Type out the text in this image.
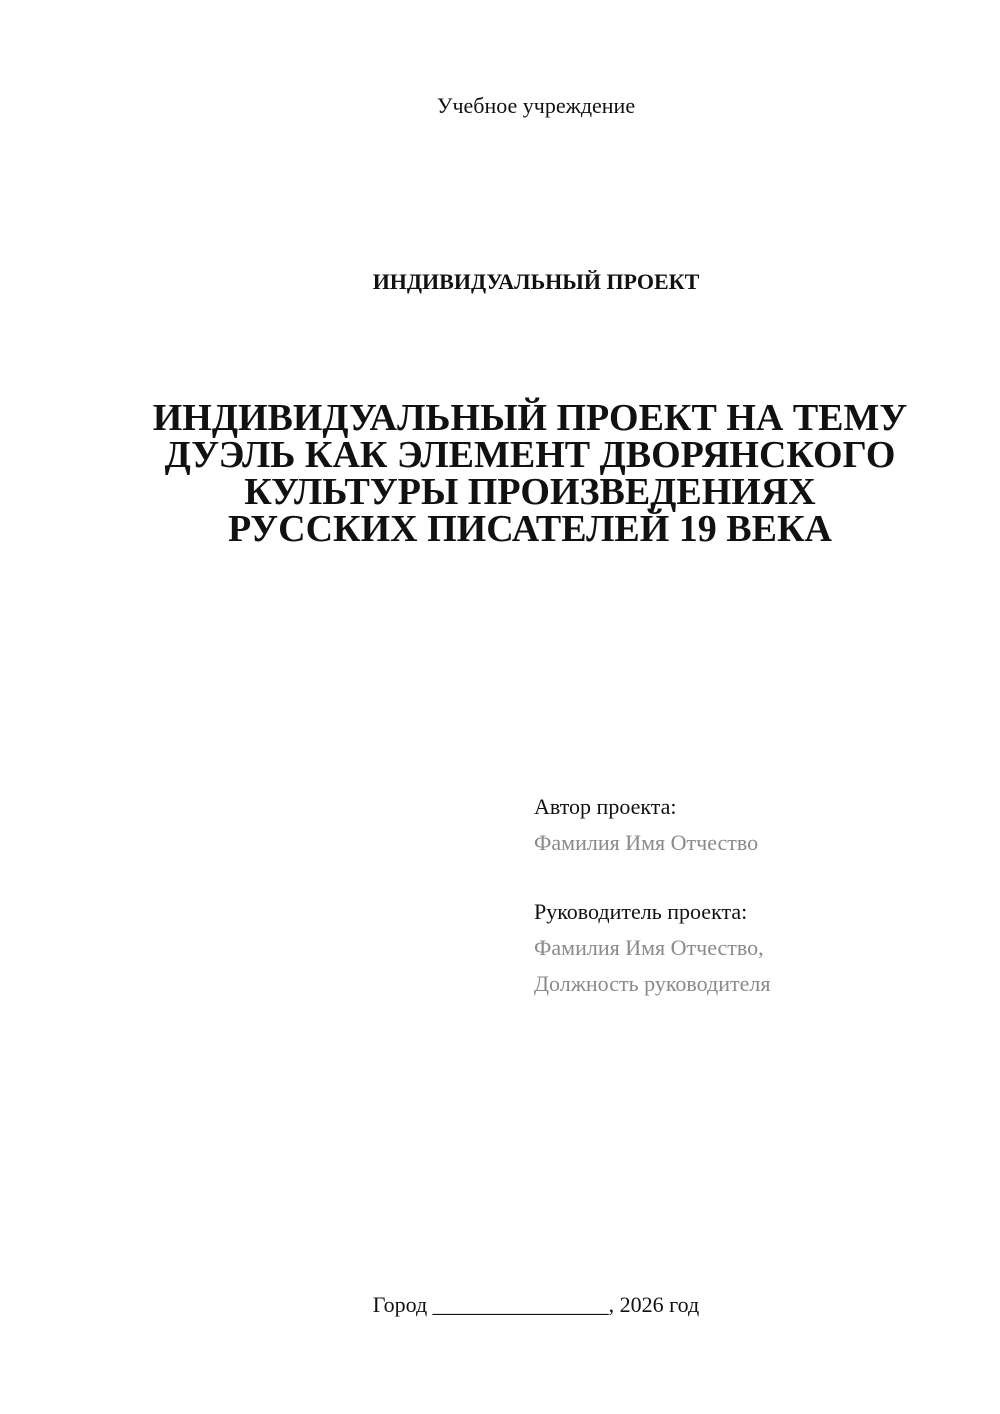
Учебное учреждение
ИНДИВИДУАЛЬНЫЙ ПРОЕКТ
ИНДИВИДУАЛЬНЫЙ ПРОЕКТ НА ТЕМУ
ДУЭЛЬ КАК ЭЛЕМЕНТ ДВОРЯНСКОГО
КУЛЬТУРЫ ПРОИЗВЕДЕНИЯХ
РУССКИХ ПИСАТЕЛЕЙ 19 ВЕКА
Автор проекта:
Фамилия Имя Отчество
Руководитель проекта:
Фамилия Имя Отчество,
Должность руководителя
Город ________________, 2026 год
